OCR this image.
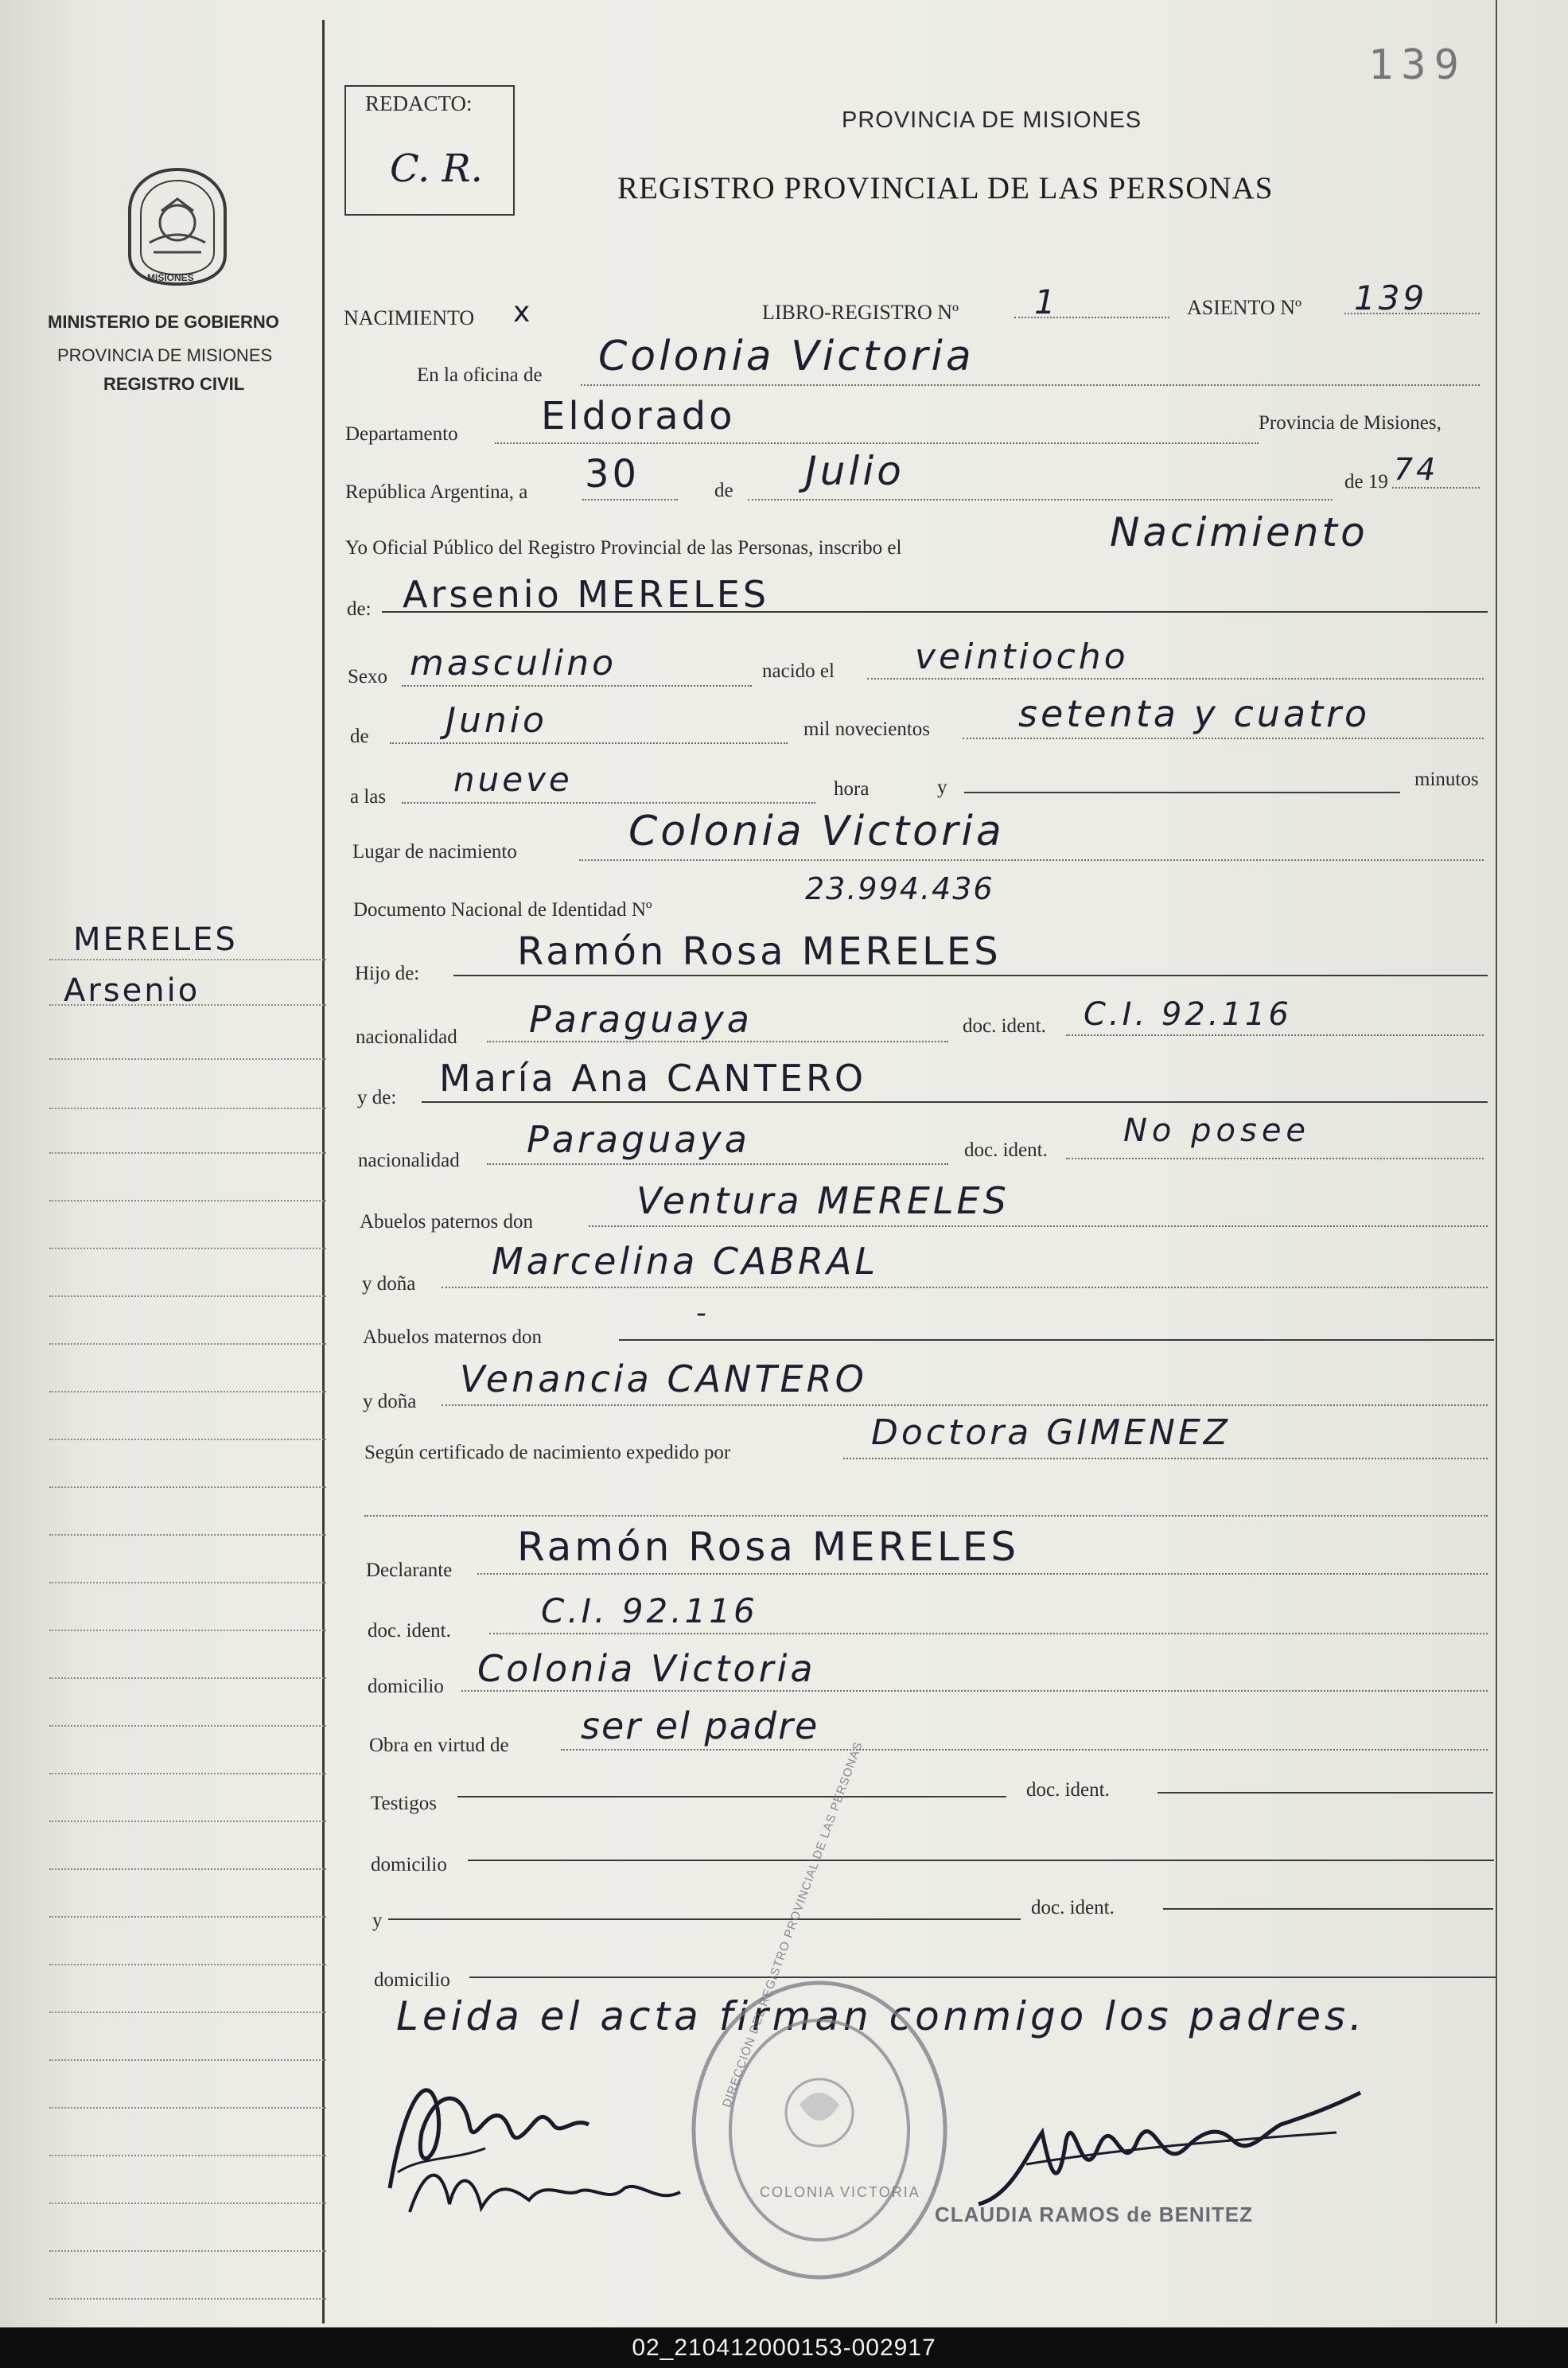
139
REDACTO:
C. R.
PROVINCIA DE MISIONES
REGISTRO PROVINCIAL DE LAS PERSONAS
MISIONES
MINISTERIO DE GOBIERNO
PROVINCIA DE MISIONES
REGISTRO CIVIL
MERELES
Arsenio
NACIMIENTO x	LIBRO-REGISTRO Nº 1	ASIENTO Nº 139
En la oficina de Colonia Victoria
Departamento Eldorado	Provincia de Misiones,
República Argentina, a 30	de Julio	de 19 74
Yo Oficial Público del Registro Provincial de las Personas, inscribo el	Nacimiento
de: Arsenio MERELES
Sexo masculino	nacido el veintiocho
de Junio	mil novecientos setenta y cuatro
a las nueve	hora	y	minutos
Lugar de nacimiento	Colonia Victoria
Documento Nacional de Identidad Nº
23.994.436
Hijo de:	Ramón Rosa MERELES
nacionalidad Paraguaya	doc. ident. C.I. 92.116
y de: María Ana CANTERO
nacionalidad Paraguaya	doc. ident.
No posee
Abuelos paternos don	Ventura MERELES
y doña
Marcelina CABRAL
Abuelos maternos don
-
y doña
Venancia CANTERO
Según certificado de nacimiento expedido por	Doctora GIMENEZ
Declarante
Ramón Rosa MERELES
doc. ident.
C.I. 92.116
domicilio Colonia Victoria
Obra en virtud de ser el padre
Testigos
doc. ident.
domicilio
y
doc. ident.
domicilio
Leida el acta firman conmigo los padres.
DIRECCIÓN DEL REGISTRO PROVINCIAL DE LAS PERSONAS
COLONIA VICTORIA
CLAUDIA RAMOS de BENITEZ
02_210412000153-002917
